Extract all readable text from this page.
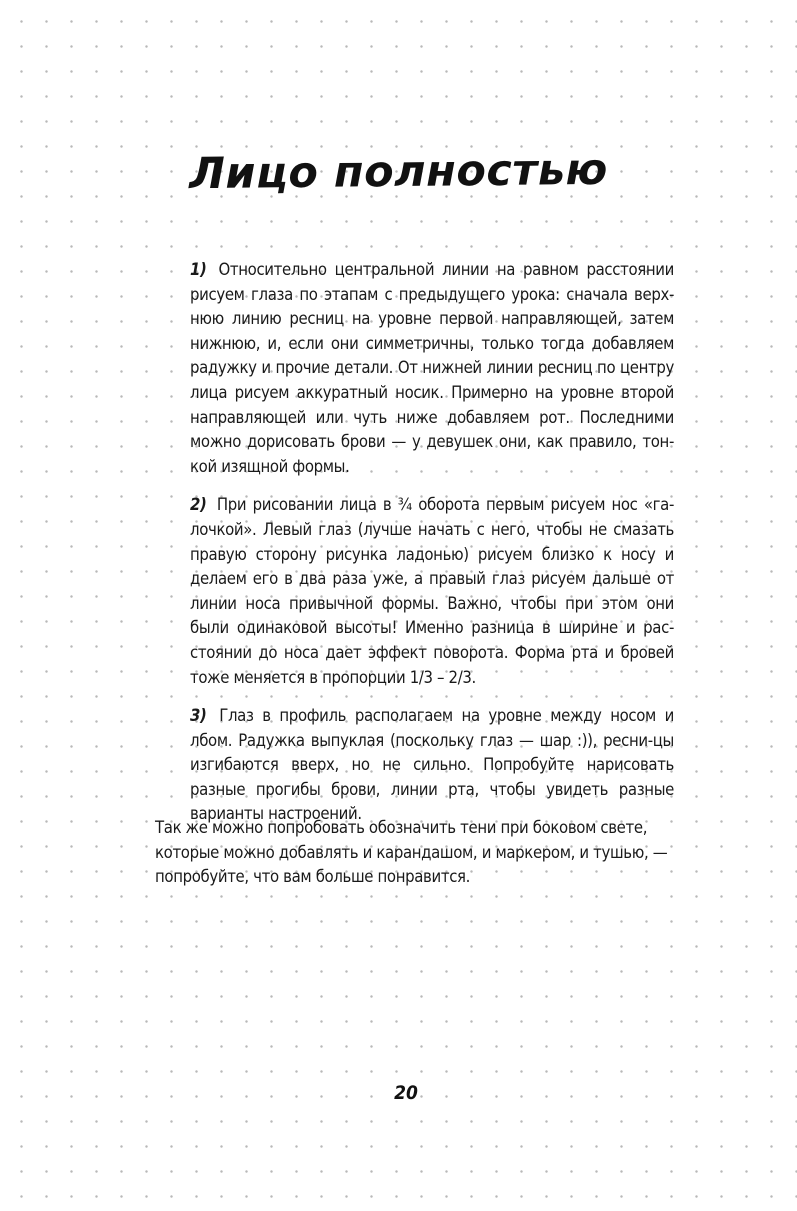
Лицо полностью

1) Относительно центральной линии на равном расстоянии рисуем глаза по этапам с предыдущего урока: сначала верх-нюю линию ресниц на уровне первой направляющей, затем нижнюю, и, если они симметричны, только тогда добавляем радужку и прочие детали. От нижней линии ресниц по центру лица рисуем аккуратный носик. Примерно на уровне второй направляющей или чуть ниже добавляем рот. Последними можно дорисовать брови — у девушек они, как правило, тон-кой изящной формы.

2) При рисовании лица в ¾ оборота первым рисуем нос «га-лочкой». Левый глаз (лучше начать с него, чтобы не смазать правую сторону рисунка ладонью) рисуем близко к носу и делаем его в два раза уже, а правый глаз рисуем дальше от линии носа привычной формы. Важно, чтобы при этом они были одинаковой высоты! Именно разница в ширине и рас-стоянии до носа дает эффект поворота. Форма рта и бровей тоже меняется в пропорции 1/3 – 2/3.

3) Глаз в профиль располагаем на уровне между носом и лбом. Радужка выпуклая (поскольку глаз — шар :)), ресни-цы изгибаются вверх, но не сильно. Попробуйте нарисовать разные прогибы брови, линии рта, чтобы увидеть разные варианты настроений.

Так же можно попробовать обозначить тени при боковом свете, которые можно добавлять и карандашом, и маркером, и тушью, — попробуйте, что вам больше понравится.

20
